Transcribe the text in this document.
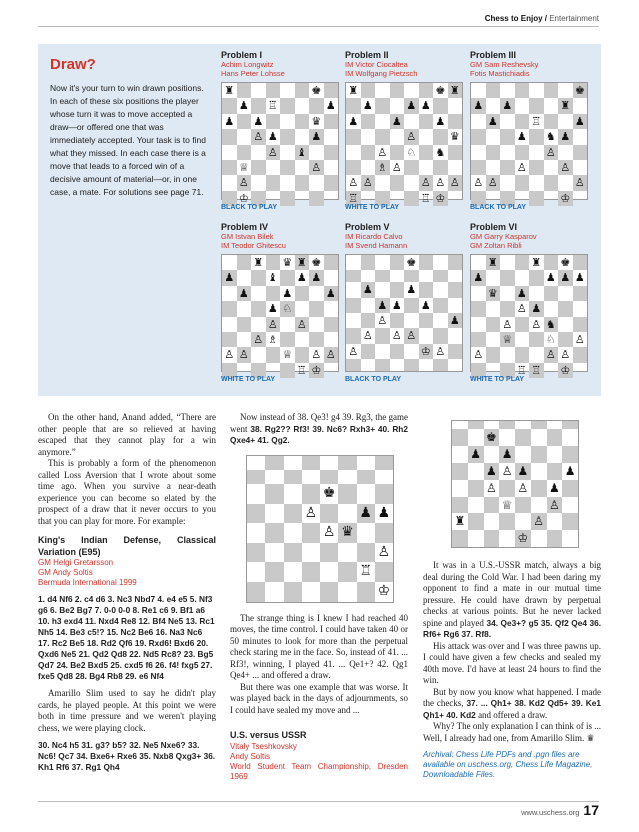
Chess to Enjoy / Entertainment
Draw?
Now it's your turn to win drawn positions. In each of these six positions the player whose turn it was to move accepted a draw—or offered one that was immediately accepted. Your task is to find what they missed. In each case there is a move that leads to a forced win of a decisive amount of material—or, in one case, a mate. For solutions see page 71.
Problem I
Achim Longwitz
Hans Peter Lohsse
♜	♚
♟ ♖	♟
♟ ♟	♛
♙ ♟	♟
♙ ♝
♕	♙
♙
♔
BLACK TO PLAY
Problem II
IM Victor Ciocaltea
IM Wolfgang Pietzsch
♜	♚ ♜
♟	♟ ♟
♟	♟	♟
♙	♛
♙ ♘ ♞
♗ ♙
♙ ♙	♙ ♙ ♙
♖	♖ ♔
WHITE TO PLAY
Problem III
GM Sam Reshevsky
Fotis Mastichiadis
♚
♟ ♟	♜
♟	♖	♟
♟ ♞ ♟
♙
♙	♙
♙ ♙	♙
♔
BLACK TO PLAY
Problem IV
GM Istvan Bilek
IM Teodor Ghitescu
♜ ♛ ♜ ♚
♟	♝ ♟ ♟
♟	♟	♟
♟ ♘
♙ ♙
♙ ♗
♙ ♙	♕ ♙ ♙
♖ ♔
WHITE TO PLAY
Problem V
IM Ricardo Calvo
IM Svend Hamann
♚
♟	♟
♟ ♟ ♟
♙	♟
♙ ♙ ♙
♙	♔ ♙
BLACK TO PLAY
Problem VI
GM Garry Kasparov
GM Zoltan Ribli
♜	♜ ♚
♟	♟ ♟ ♟
♛ ♟
♙ ♟
♙ ♙ ♞
♕	♘ ♙
♙	♙ ♙
♖ ♖ ♔
WHITE TO PLAY

On the other hand, Anand added, “There are other people that are so relieved at having escaped that they cannot play for a win anymore.”

This is probably a form of the phenomenon called Loss Aversion that I wrote about some time ago. When you survive a near-death experience you can become so elated by the prospect of a draw that it never occurs to you that you can play for more. For example:

King's Indian Defense, Classical Variation (E95)
GM Helgi Gretarsson
GM Andy Soltis
Bermuda International 1999
1. d4 Nf6 2. c4 d6 3. Nc3 Nbd7 4. e4 e5 5. Nf3 g6 6. Be2 Bg7 7. 0-0 0-0 8. Re1 c6 9. Bf1 a6 10. h3 exd4 11. Nxd4 Re8 12. Bf4 Ne5 13. Rc1 Nh5 14. Be3 c5!? 15. Nc2 Be6 16. Na3 Nc6 17. Rc2 Be5 18. Rd2 Qf6 19. Rxd6! Bxd6 20. Qxd6 Ne5 21. Qd2 Qd8 22. Nd5 Rc8? 23. Bg5 Qd7 24. Be2 Bxd5 25. cxd5 f6 26. f4! fxg5 27. fxe5 Qd8 28. Bg4 Rb8 29. e6 Nf4

Amarillo Slim used to say he didn't play cards, he played people. At this point we were both in time pressure and we weren't playing chess, we were playing clock.

30. Nc4 h5 31. g3? b5? 32. Ne5 Nxe6? 33. Nc6! Qc7 34. Bxe6+ Rxe6 35. Nxb8 Qxg3+ 36. Kh1 Rf6 37. Rg1 Qh4

Now instead of 38. Qe3! g4 39. Rg3, the game went 38. Rg2?? Rf3! 39. Nc6? Rxh3+ 40. Rh2 Qxe4+ 41. Qg2.

♚
♙	♟ ♟
♙ ♛
♙
♖
♔

The strange thing is I knew I had reached 40 moves, the time control. I could have taken 40 or 50 minutes to look for more than the perpetual check staring me in the face. So, instead of 41. ... Rf3!, winning, I played 41. ... Qe1+? 42. Qg1 Qe4+ ... and offered a draw.

But there was one example that was worse. It was played back in the days of adjournments, so I could have sealed my move and ...

U.S. versus USSR
Vitaly Tseshkovsky
Andy Soltis
World Student Team Championship, Dresden 1969
♚
♟ ♟
♟ ♙ ♟	♟
♙ ♙ ♟
♕	♙
♜	♙
♔

It was in a U.S.-USSR match, always a big deal during the Cold War. I had been daring my opponent to find a mate in our mutual time pressure. He could have drawn by perpetual checks at various points. But he never lacked spine and played 34. Qe3+? g5 35. Qf2 Qe4 36. Rf6+ Rg6 37. Rf8.

His attack was over and I was three pawns up. I could have given a few checks and sealed my 40th move. I'd have at least 24 hours to find the win.

But by now you know what happened. I made the checks, 37. ... Qh1+ 38. Kd2 Qd5+ 39. Ke1 Qh1+ 40. Kd2 and offered a draw.

Why? The only explanation I can think of is ... Well, I already had one, from Amarillo Slim. ♛

Archival: Chess Life PDFs and .pgn files are available on uschess.org, Chess Life Magazine, Downloadable Files.
www.uschess.org 17
